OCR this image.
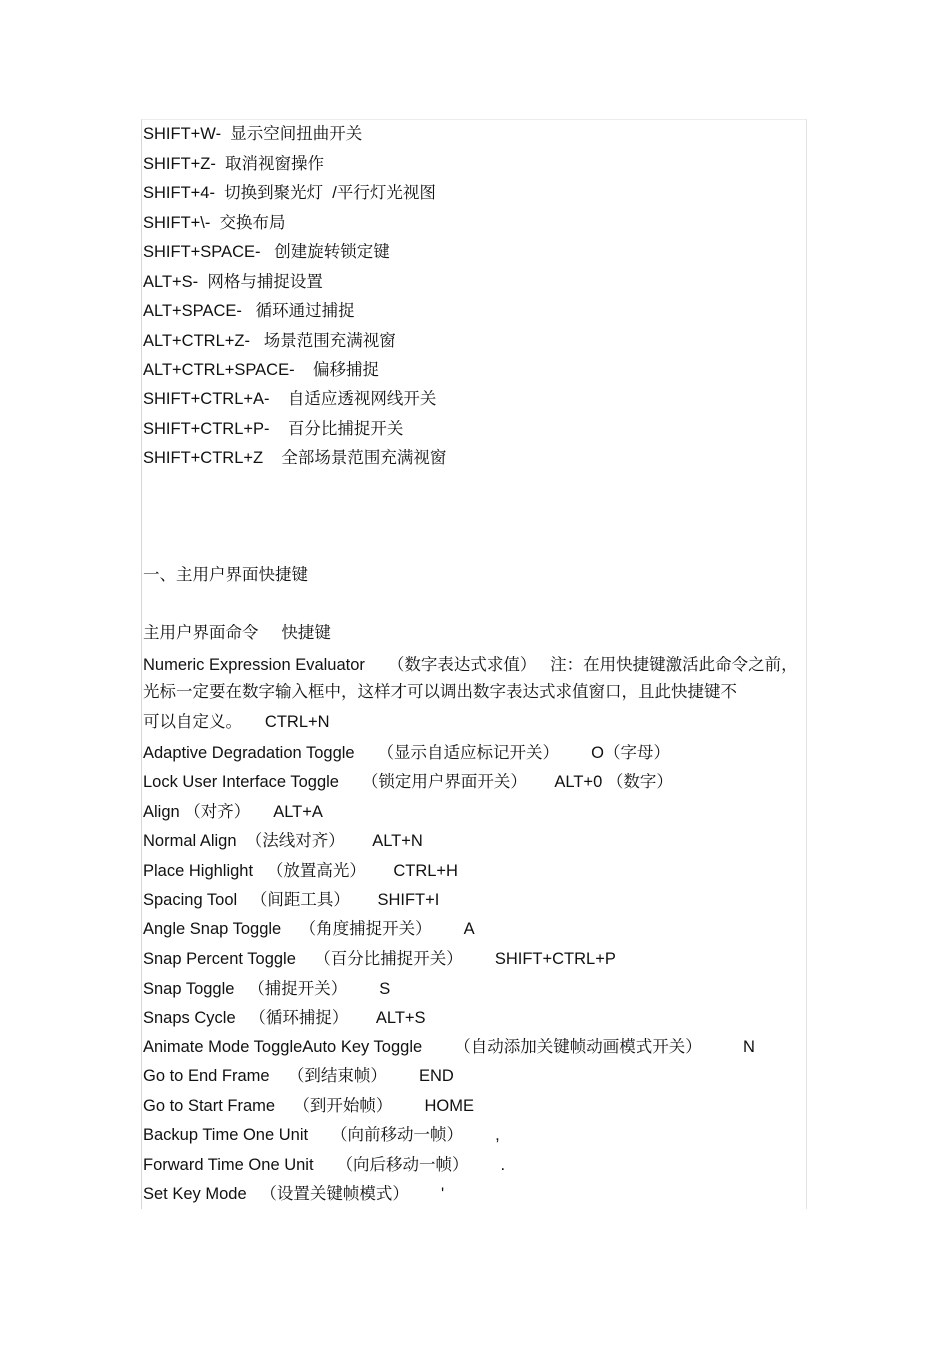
SHIFT+W-  显示空间扭曲开关
SHIFT+Z-  取消视窗操作
SHIFT+4-  切换到聚光灯  /平行灯光视图
SHIFT+\-  交换布局
SHIFT+SPACE-   创建旋转锁定键
ALT+S-  网格与捕捉设置
ALT+SPACE-   循环通过捕捉
ALT+CTRL+Z-   场景范围充满视窗
ALT+CTRL+SPACE-    偏移捕捉
SHIFT+CTRL+A-    自适应透视网线开关
SHIFT+CTRL+P-    百分比捕捉开关
SHIFT+CTRL+Z    全部场景范围充满视窗
一、主用户界面快捷键
主用户界面命令     快捷键
Numeric Expression Evaluator     （数字表达式求值）   注：在用快捷键激活此命令之前，
光标一定要在数字输入框中，这样才可以调出数字表达式求值窗口，且此快捷键不
可以自定义。     CTRL+N
Adaptive Degradation Toggle     （显示自适应标记开关）       O（字母）
Lock User Interface Toggle     （锁定用户界面开关）      ALT+0 （数字）
Align （对齐）     ALT+A
Normal Align  （法线对齐）      ALT+N
Place Highlight   （放置高光）      CTRL+H
Spacing Tool   （间距工具）      SHIFT+I
Angle Snap Toggle    （角度捕捉开关）       A
Snap Percent Toggle    （百分比捕捉开关）       SHIFT+CTRL+P
Snap Toggle   （捕捉开关）       S
Snaps Cycle   （循环捕捉）      ALT+S
Animate Mode ToggleAuto Key Toggle       （自动添加关键帧动画模式开关）         N
Go to End Frame    （到结束帧）       END
Go to Start Frame    （到开始帧）       HOME
Backup Time One Unit     （向前移动一帧）       ,
Forward Time One Unit     （向后移动一帧）       .
Set Key Mode   （设置关键帧模式）       '
